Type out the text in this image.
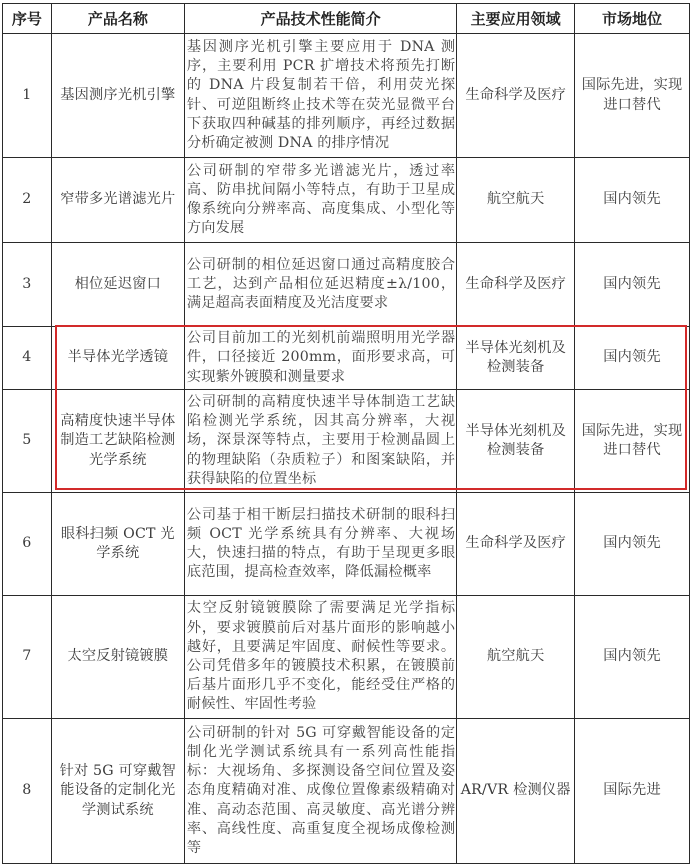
序号	产品名称	产品技术性能简介	主要应用领域	市场地位
1	基因测序光机引擎	基因测序光机引擎主要应用于 DNA 测序，主要利用 PCR 扩增技术将预先打断的 DNA 片段复制若干倍，利用荧光探针、可逆阻断终止技术等在荧光显微平台下获取四种碱基的排列顺序，再经过数据分析确定被测 DNA 的排序情况	生命科学及医疗	国际先进，实现进口替代
2	窄带多光谱滤光片	公司研制的窄带多光谱滤光片，透过率高、防串扰间隔小等特点，有助于卫星成像系统向分辨率高、高度集成、小型化等方向发展	航空航天	国内领先
3	相位延迟窗口	公司研制的相位延迟窗口通过高精度胶合工艺，达到产品相位延迟精度±λ/100，满足超高表面精度及光洁度要求	生命科学及医疗	国内领先
4	半导体光学透镜	公司目前加工的光刻机前端照明用光学器件，口径接近 200mm，面形要求高，可实现紫外镀膜和测量要求	半导体光刻机及检测装备	国内领先
5	高精度快速半导体制造工艺缺陷检测光学系统	公司研制的高精度快速半导体制造工艺缺陷检测光学系统，因其高分辨率，大视场，深景深等特点，主要用于检测晶圆上的物理缺陷（杂质粒子）和图案缺陷，并获得缺陷的位置坐标	半导体光刻机及检测装备	国际先进，实现进口替代
6	眼科扫频 OCT 光学系统	公司基于相干断层扫描技术研制的眼科扫频 OCT 光学系统具有分辨率、大视场大，快速扫描的特点，有助于呈现更多眼底范围，提高检查效率，降低漏检概率	生命科学及医疗	国内领先
7	太空反射镜镀膜	太空反射镜镀膜除了需要满足光学指标外，要求镀膜前后对基片面形的影响越小越好，且要满足牢固度、耐候性等要求。公司凭借多年的镀膜技术积累，在镀膜前后基片面形几乎不变化，能经受住严格的耐候性、牢固性考验	航空航天	国内领先
8	针对 5G 可穿戴智能设备的定制化光学测试系统	公司研制的针对 5G 可穿戴智能设备的定制化光学测试系统具有一系列高性能指标：大视场角、多探测设备空间位置及姿态角度精确对准、成像位置像素级精确对准、高动态范围、高灵敏度、高光谱分辨率、高线性度、高重复度全视场成像检测等	AR/VR 检测仪器	国际先进
